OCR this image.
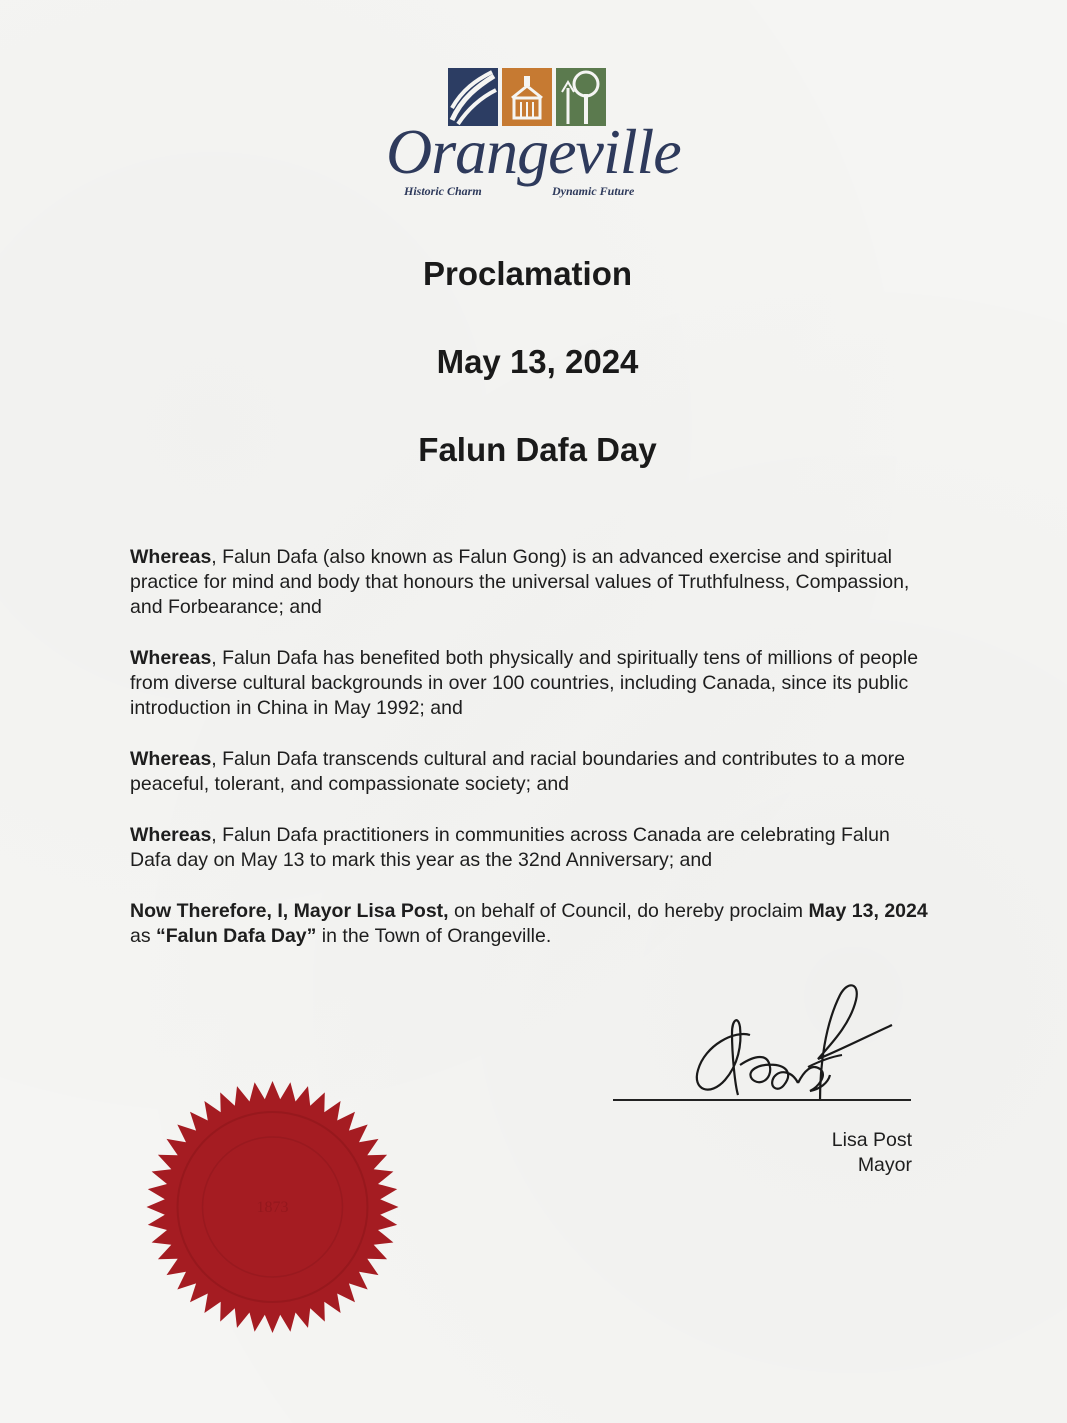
Orangeville
Historic Charm	Dynamic Future
Proclamation
May 13, 2024
Falun Dafa Day

Whereas, Falun Dafa (also known as Falun Gong) is an advanced exercise and spiritual practice for mind and body that honours the universal values of Truthfulness, Compassion, and Forbearance; and

Whereas, Falun Dafa has benefited both physically and spiritually tens of millions of people from diverse cultural backgrounds in over 100 countries, including Canada, since its public introduction in China in May 1992; and

Whereas, Falun Dafa transcends cultural and racial boundaries and contributes to a more peaceful, tolerant, and compassionate society; and

Whereas, Falun Dafa practitioners in communities across Canada are celebrating Falun Dafa day on May 13 to mark this year as the 32nd Anniversary; and

Now Therefore, I, Mayor Lisa Post, on behalf of Council, do hereby proclaim May 13, 2024 as “Falun Dafa Day” in the Town of Orangeville.

Lisa Post
Mayor
1873
